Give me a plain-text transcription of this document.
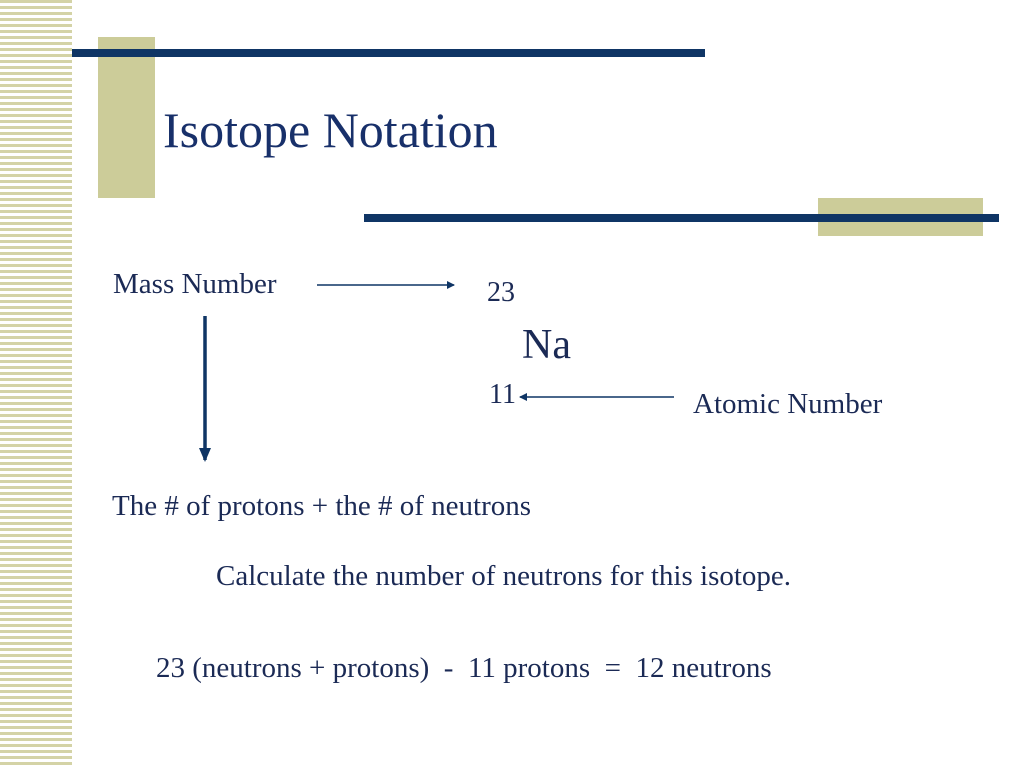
Isotope Notation
Mass Number	23
Na
11	Atomic Number
The # of protons + the # of neutrons
Calculate the number of neutrons for this isotope.
23 (neutrons + protons)  -  11 protons  =  12 neutrons
